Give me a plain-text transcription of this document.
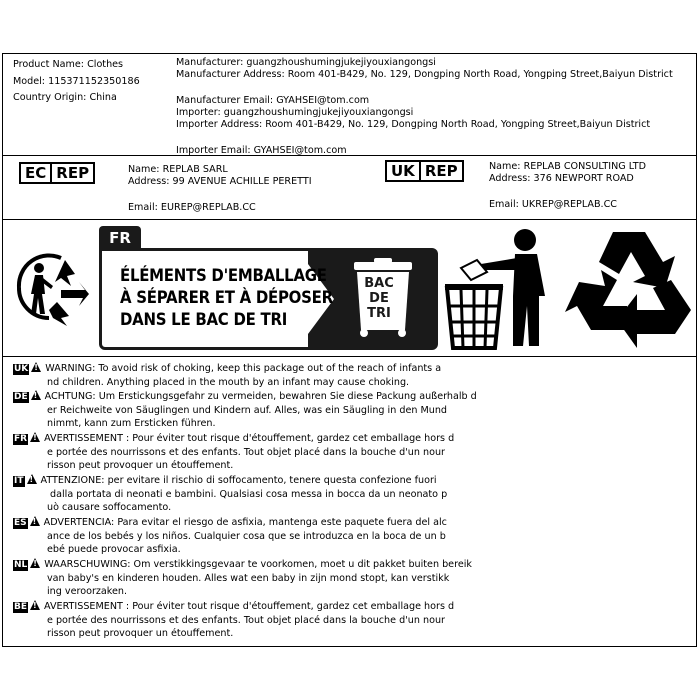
Product Name: Clothes
Model: 115371152350186
Country Origin: China
Manufacturer: guangzhoushumingjukejiyouxiangongsi
Manufacturer Address: Room 401-B429, No. 129, Dongping North Road, Yongping Street,Baiyun District
Manufacturer Email: GYAHSEI@tom.com
Importer: guangzhoushumingjukejiyouxiangongsi
Importer Address: Room 401-B429, No. 129, Dongping North Road, Yongping Street,Baiyun District
Importer Email: GYAHSEI@tom.com
EC REP	Name: REPLAB SARL
Address: 99 AVENUE ACHILLE PERETTI
Email: EUREP@REPLAB.CC
UK REP	Name: REPLAB CONSULTING LTD
Address: 376 NEWPORT ROAD
Email: UKREP@REPLAB.CC
FR
BAC
DE
TRI
ÉLÉMENTS D'EMBALLAGE
À SÉPARER ET À DÉPOSER
DANS LE BAC DE TRI
UK ! WARNING: To avoid risk of choking, keep this package out of the reach of infants a
nd children. Anything placed in the mouth by an infant may cause choking.
DE ! ACHTUNG: Um Erstickungsgefahr zu vermeiden, bewahren Sie diese Packung außerhalb d
er Reichweite von Säuglingen und Kindern auf. Alles, was ein Säugling in den Mund
nimmt, kann zum Ersticken führen.
FR ! AVERTISSEMENT : Pour éviter tout risque d'étouffement, gardez cet emballage hors d
e portée des nourrissons et des enfants. Tout objet placé dans la bouche d'un nour
risson peut provoquer un étouffement.
IT ! ATTENZIONE: per evitare il rischio di soffocamento, tenere questa confezione fuori
dalla portata di neonati e bambini. Qualsiasi cosa messa in bocca da un neonato p
uò causare soffocamento.
ES ! ADVERTENCIA: Para evitar el riesgo de asfixia, mantenga este paquete fuera del alc
ance de los bebés y los niños. Cualquier cosa que se introduzca en la boca de un b
ebé puede provocar asfixia.
NL ! WAARSCHUWING: Om verstikkingsgevaar te voorkomen, moet u dit pakket buiten bereik
van baby's en kinderen houden. Alles wat een baby in zijn mond stopt, kan verstikk
ing veroorzaken.
BE ! AVERTISSEMENT : Pour éviter tout risque d'étouffement, gardez cet emballage hors d
e portée des nourrissons et des enfants. Tout objet placé dans la bouche d'un nour
risson peut provoquer un étouffement.
